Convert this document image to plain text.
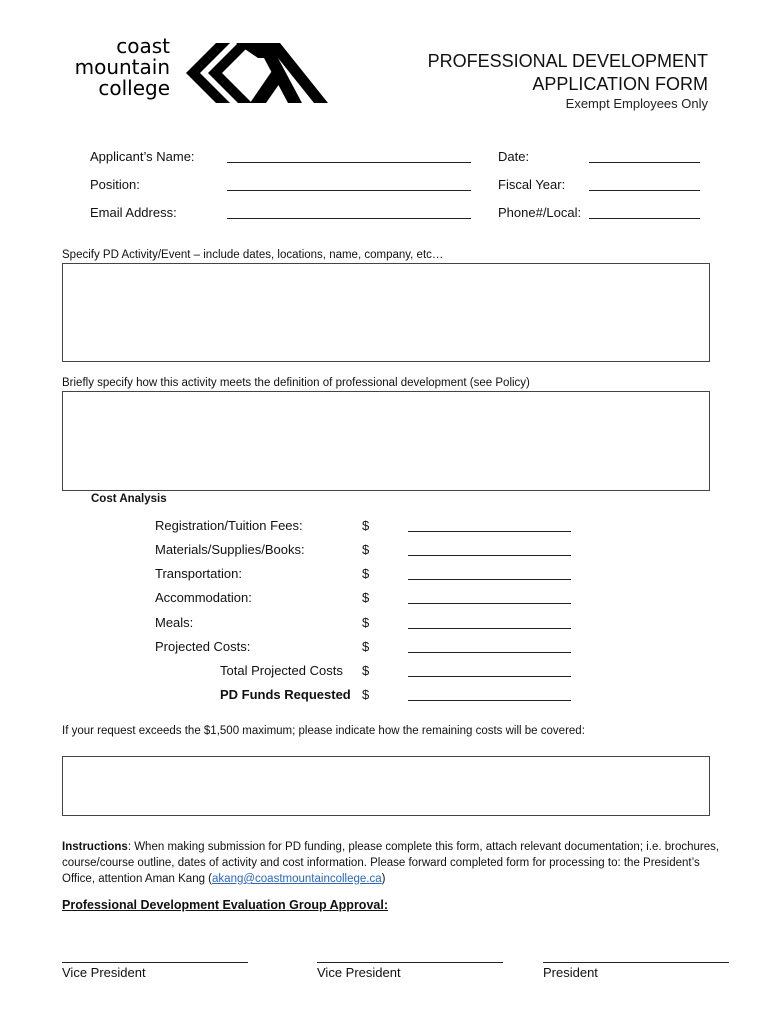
coast
mountain
college
PROFESSIONAL DEVELOPMENT
APPLICATION FORM
Exempt Employees Only
Applicant’s Name:
Position:
Email Address:
Date:
Fiscal Year:
Phone#/Local:
Specify PD Activity/Event – include dates, locations, name, company, etc…
Briefly specify how this activity meets the definition of professional development (see Policy)
Cost Analysis
Registration/Tuition Fees:	$
Materials/Supplies/Books:	$
Transportation:	$
Accommodation:	$
Meals:	$
Projected Costs:	$
Total Projected Costs $
PD Funds Requested $
If your request exceeds the $1,500 maximum; please indicate how the remaining costs will be covered:
Instructions: When making submission for PD funding, please complete this form, attach relevant documentation; i.e. brochures, course/course outline, dates of activity and cost information. Please forward completed form for processing to: the President’s Office, attention Aman Kang (akang@coastmountaincollege.ca)
Professional Development Evaluation Group Approval:
Vice President	Vice President	President
